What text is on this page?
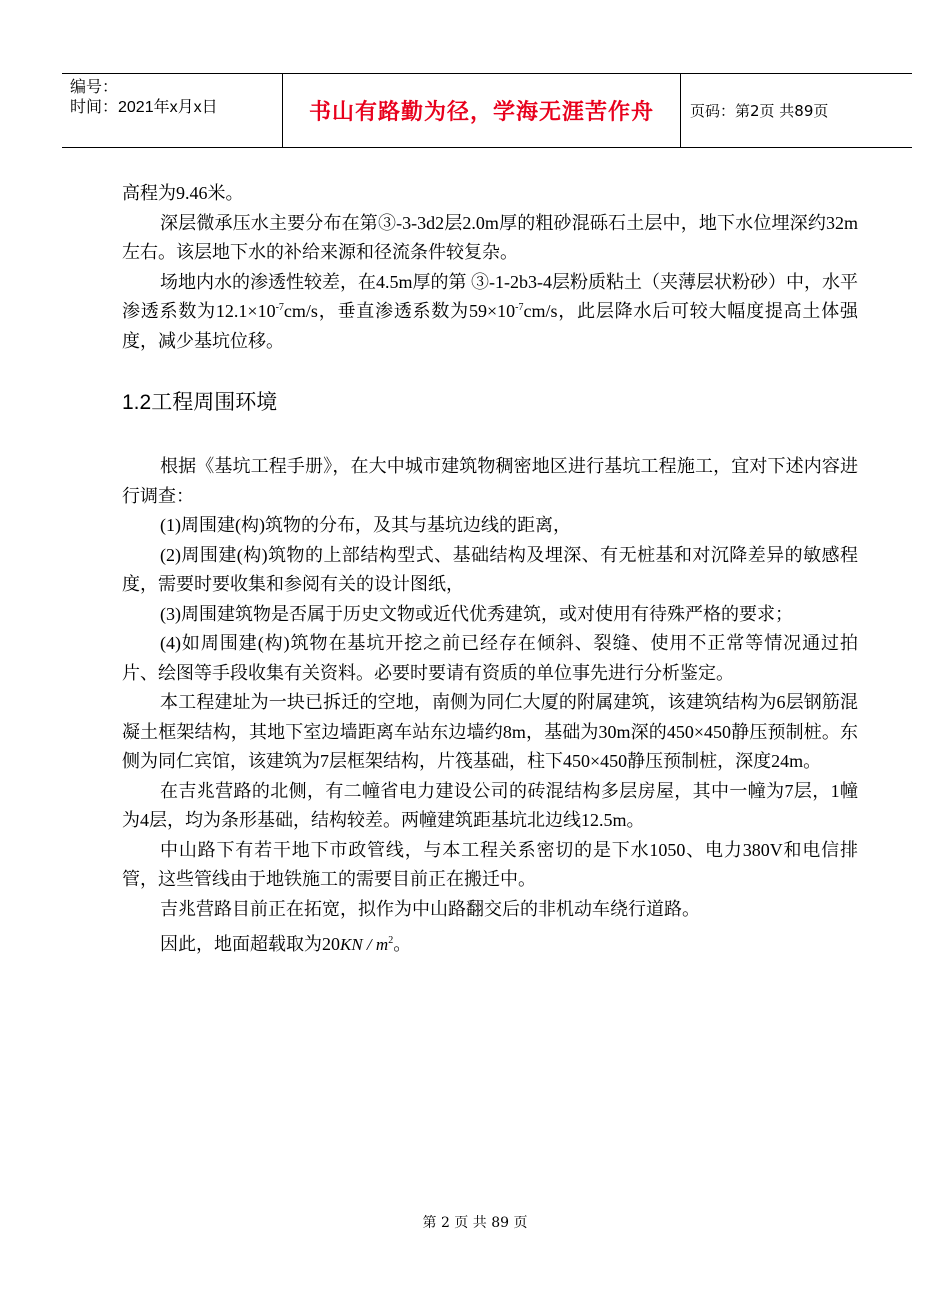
编号：
时间：2021年x月x日	书山有路勤为径，学海无涯苦作舟	页码：第2页 共89页

高程为9.46米。

深层微承压水主要分布在第③-3-3d2层2.0m厚的粗砂混砾石土层中，地下水位埋深约32m左右。该层地下水的补给来源和径流条件较复杂。

场地内水的渗透性较差，在4.5m厚的第 ③-1-2b3-4层粉质粘土（夹薄层状粉砂）中，水平渗透系数为$12.1\times 10^{-7}cm/s$，垂直渗透系数为$59\times 10^{-7}cm/s$，此层降水后可较大幅度提高土体强度，减少基坑位移。

1.2工程周围环境

根据《基坑工程手册》，在大中城市建筑物稠密地区进行基坑工程施工，宜对下述内容进行调查：

(1)周围建(构)筑物的分布，及其与基坑边线的距离，

(2)周围建(构)筑物的上部结构型式、基础结构及埋深、有无桩基和对沉降差异的敏感程度，需要时要收集和参阅有关的设计图纸，

(3)周围建筑物是否属于历史文物或近代优秀建筑，或对使用有待殊严格的要求；

(4)如周围建(构)筑物在基坑开挖之前已经存在倾斜、裂缝、使用不正常等情况通过拍片、绘图等手段收集有关资料。必要时要请有资质的单位事先进行分析鉴定。

本工程建址为一块已拆迁的空地，南侧为同仁大厦的附属建筑，该建筑结构为6层钢筋混凝土框架结构，其地下室边墙距离车站东边墙约8m，基础为30m深的450×450静压预制桩。东侧为同仁宾馆，该建筑为7层框架结构，片筏基础，柱下450×450静压预制桩，深度24m。

在吉兆营路的北侧，有二幢省电力建设公司的砖混结构多层房屋，其中一幢为7层，1幢为4层，均为条形基础，结构较差。两幢建筑距基坑北边线12.5m。

中山路下有若干地下市政管线，与本工程关系密切的是下水1050、电力380V和电信排管，这些管线由于地铁施工的需要目前正在搬迁中。

吉兆营路目前正在拓宽，拟作为中山路翻交后的非机动车绕行道路。

因此，地面超载取为$20KN / m^2$。

第 2 页 共 89 页
